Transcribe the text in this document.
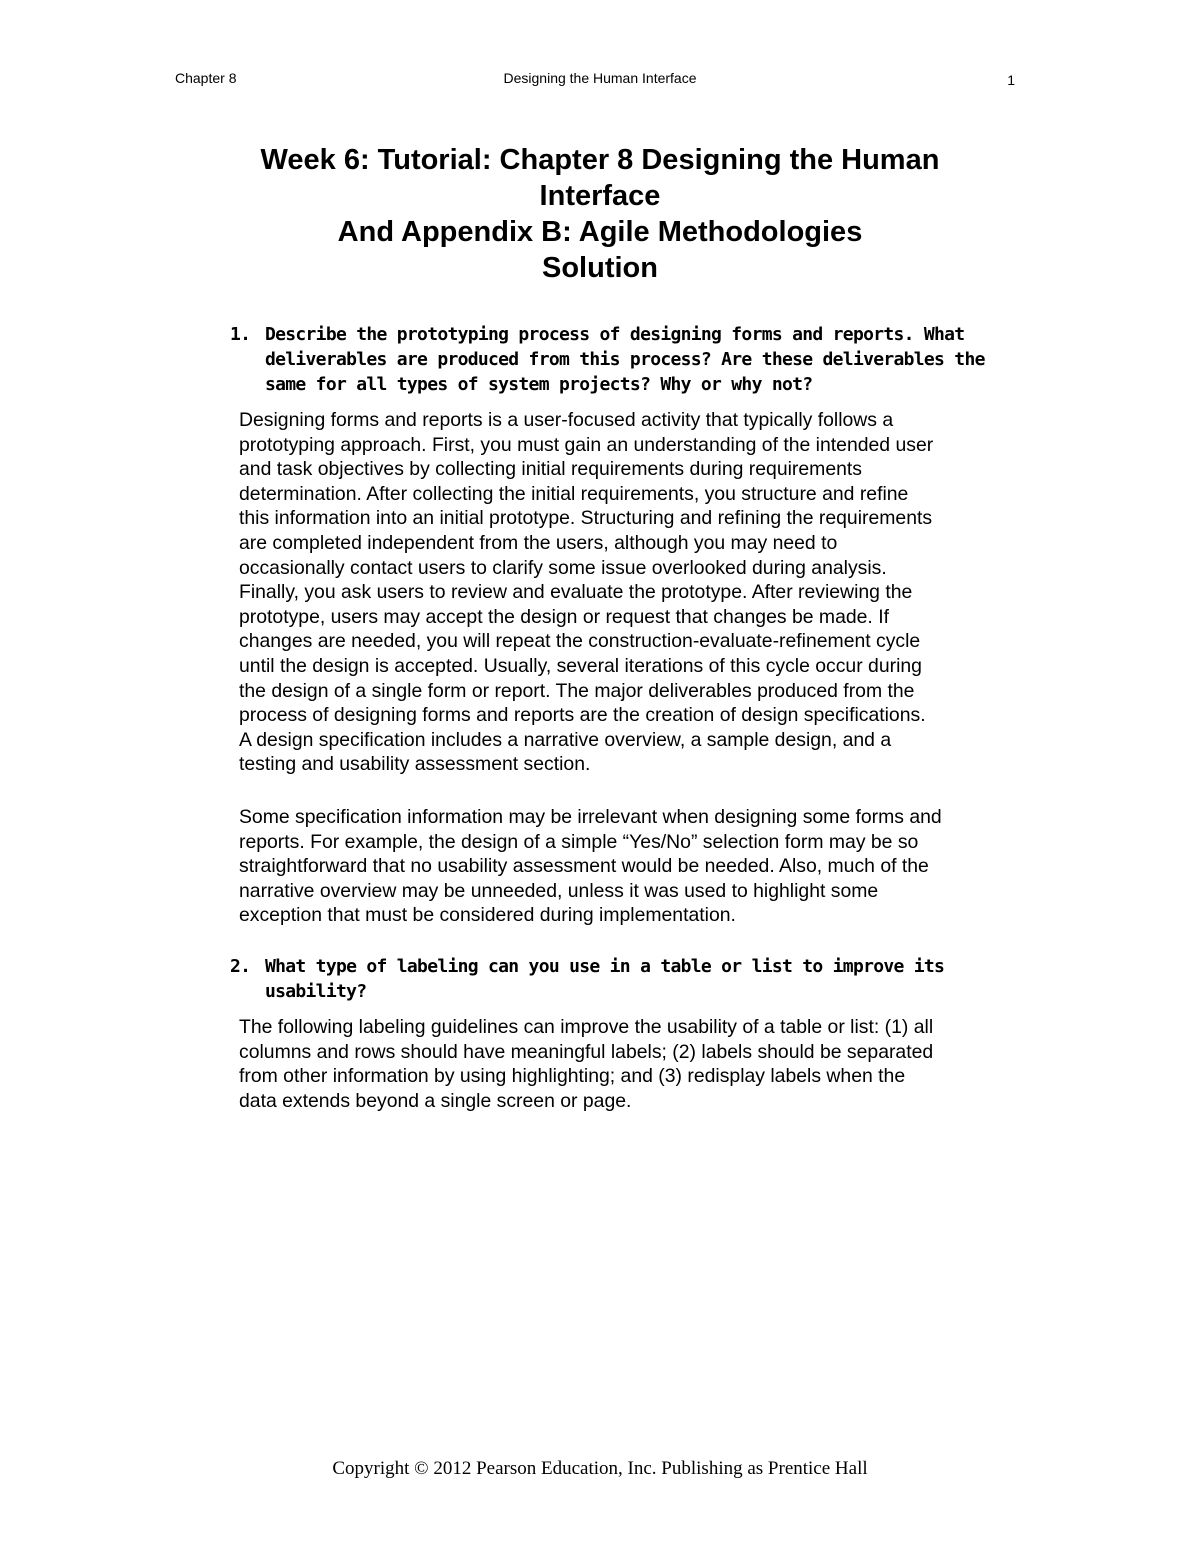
Chapter 8	Designing the Human Interface	1
Week 6: Tutorial: Chapter 8 Designing the Human
Interface
And Appendix B: Agile Methodologies
Solution
1. Describe the prototyping process of designing forms and reports. What
deliverables are produced from this process? Are these deliverables the
same for all types of system projects? Why or why not?
Designing forms and reports is a user-focused activity that typically follows a
prototyping approach. First, you must gain an understanding of the intended user
and task objectives by collecting initial requirements during requirements
determination. After collecting the initial requirements, you structure and refine
this information into an initial prototype. Structuring and refining the requirements
are completed independent from the users, although you may need to
occasionally contact users to clarify some issue overlooked during analysis.
Finally, you ask users to review and evaluate the prototype. After reviewing the
prototype, users may accept the design or request that changes be made. If
changes are needed, you will repeat the construction-evaluate-refinement cycle
until the design is accepted. Usually, several iterations of this cycle occur during
the design of a single form or report. The major deliverables produced from the
process of designing forms and reports are the creation of design specifications.
A design specification includes a narrative overview, a sample design, and a
testing and usability assessment section.
Some specification information may be irrelevant when designing some forms and
reports. For example, the design of a simple “Yes/No” selection form may be so
straightforward that no usability assessment would be needed. Also, much of the
narrative overview may be unneeded, unless it was used to highlight some
exception that must be considered during implementation.
2. What type of labeling can you use in a table or list to improve its
usability?
The following labeling guidelines can improve the usability of a table or list: (1) all
columns and rows should have meaningful labels; (2) labels should be separated
from other information by using highlighting; and (3) redisplay labels when the
data extends beyond a single screen or page.
Copyright © 2012 Pearson Education, Inc. Publishing as Prentice Hall
